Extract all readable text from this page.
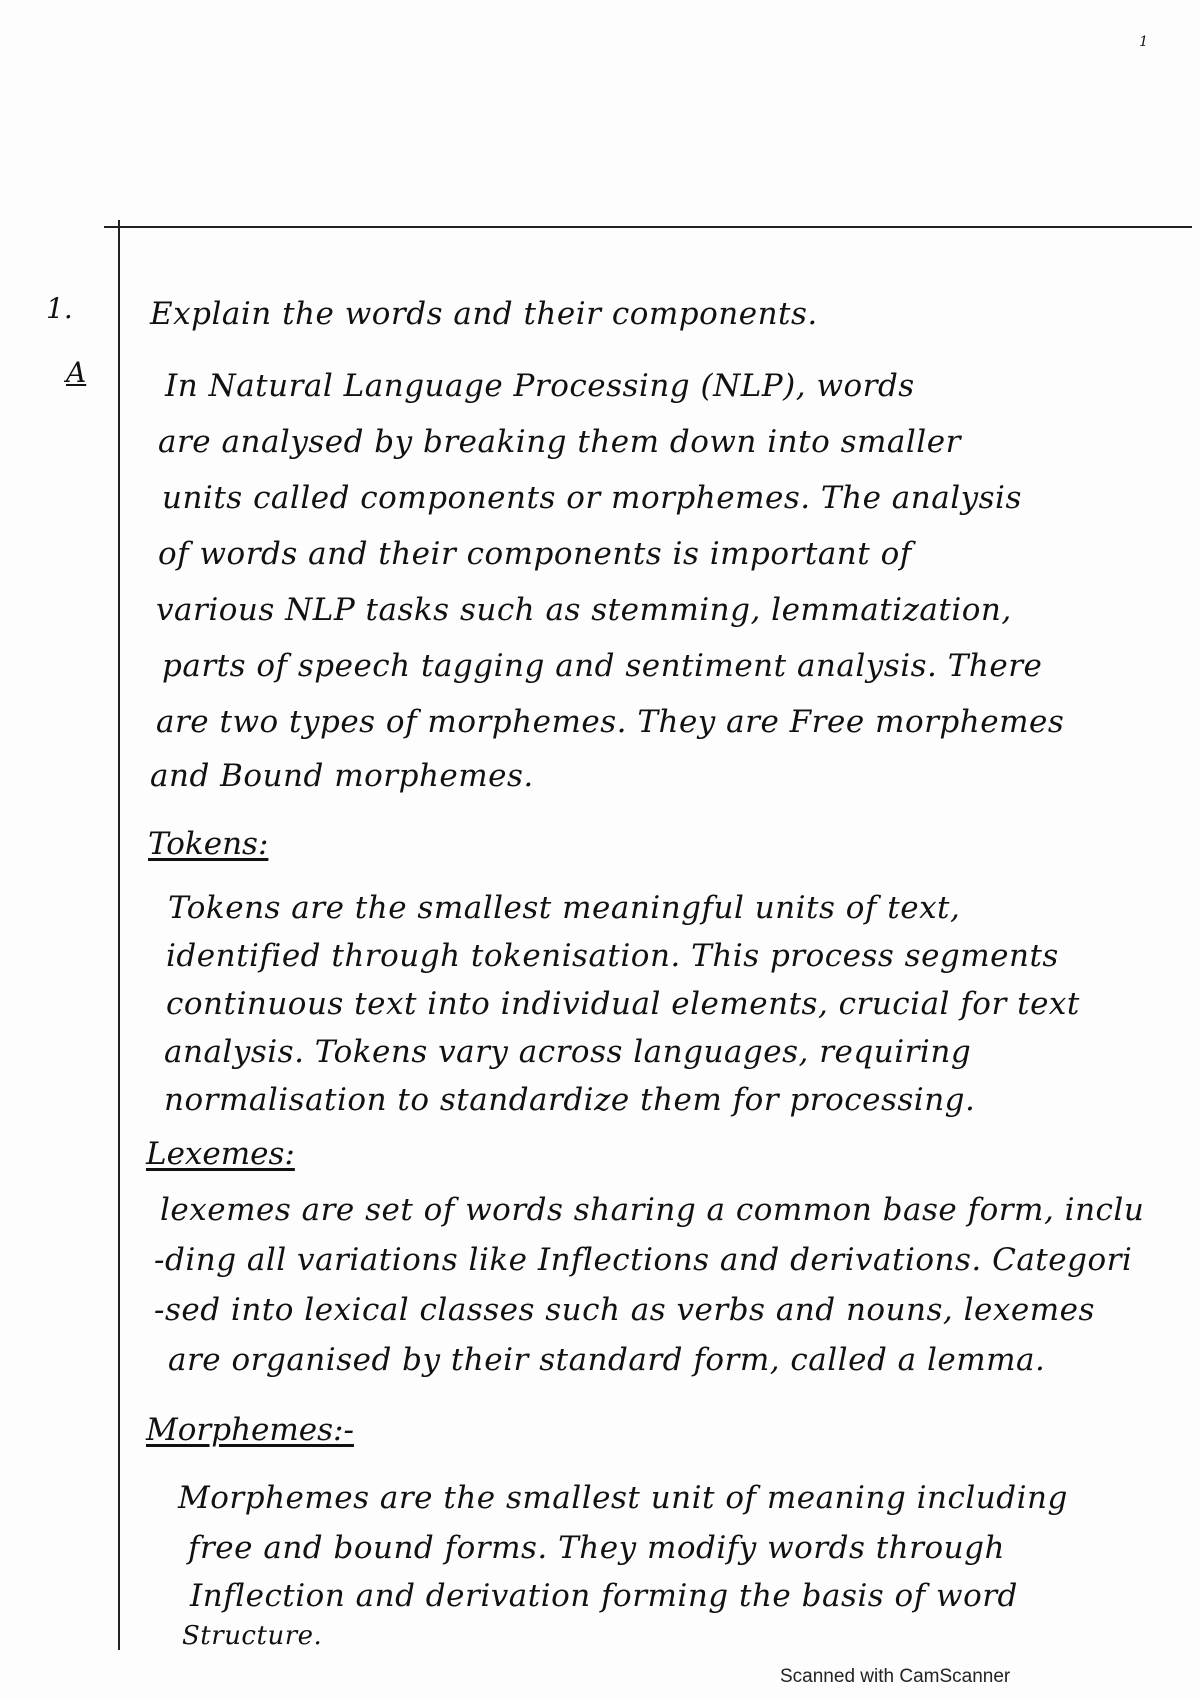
1
1. Explain the words and their components.
A	In Natural Language Processing (NLP), words
are analysed by breaking them down into smaller
units called components or morphemes. The analysis
of words and their components is important of
various NLP tasks such as stemming, lemmatization,
parts of speech tagging and sentiment analysis. There
are two types of morphemes. They are Free morphemes
and Bound morphemes.
Tokens:
Tokens are the smallest meaningful units of text,
identified through tokenisation. This process segments
continuous text into individual elements, crucial for text
analysis. Tokens vary across languages, requiring
normalisation to standardize them for processing.
Lexemes:
lexemes are set of words sharing a common base form, inclu
-ding all variations like Inflections and derivations. Categori
-sed into lexical classes such as verbs and nouns, lexemes
are organised by their standard form, called a lemma.
Morphemes:-
Morphemes are the smallest unit of meaning including
free and bound forms. They modify words through
Inflection and derivation forming the basis of word
Structure.
Scanned with CamScanner
